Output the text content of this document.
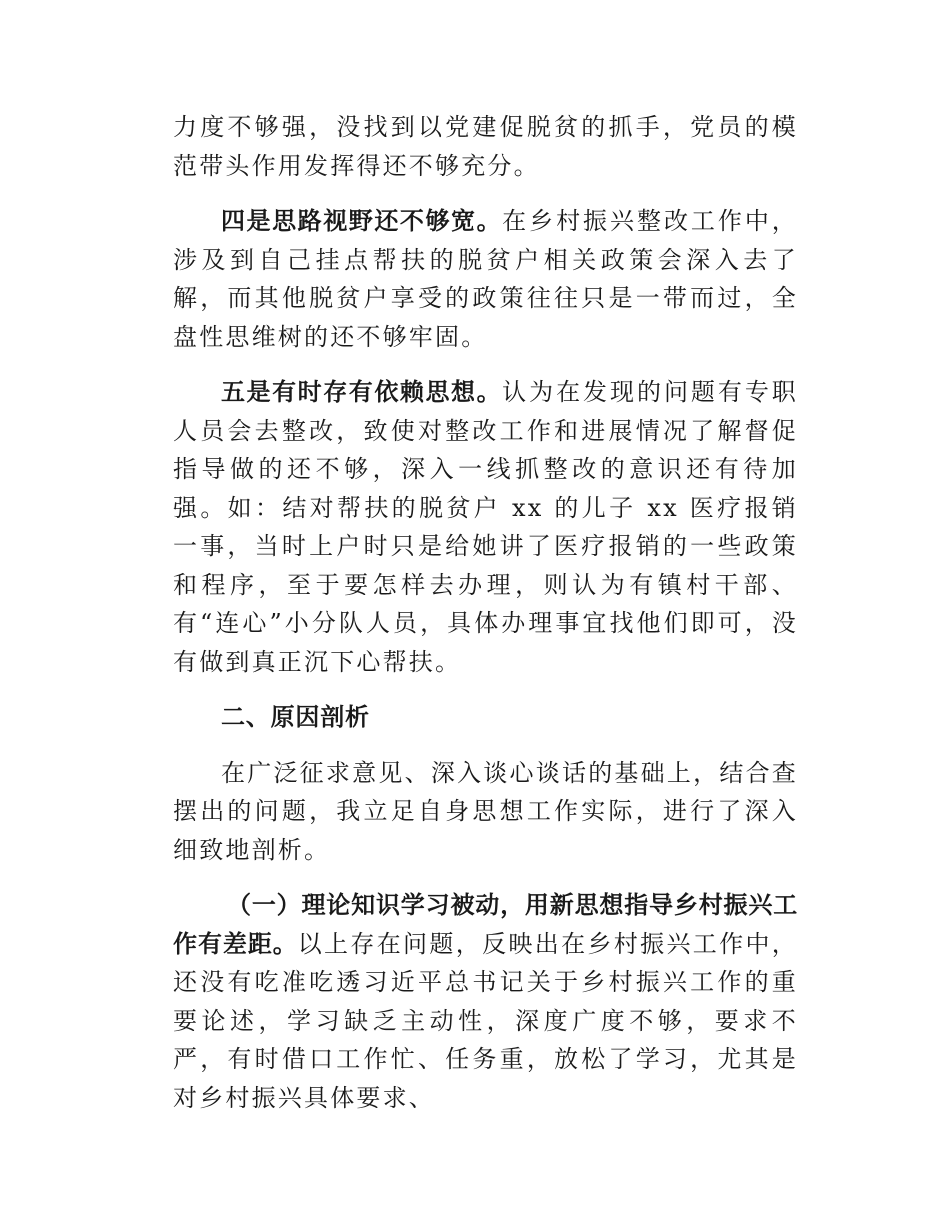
力度不够强，没找到以党建促脱贫的抓手，党员的模范带头作用发挥得还不够充分。

四是思路视野还不够宽。在乡村振兴整改工作中，涉及到自己挂点帮扶的脱贫户相关政策会深入去了解，而其他脱贫户享受的政策往往只是一带而过，全盘性思维树的还不够牢固。

五是有时存有依赖思想。认为在发现的问题有专职人员会去整改，致使对整改工作和进展情况了解督促指导做的还不够，深入一线抓整改的意识还有待加强。如：结对帮扶的脱贫户 xx 的儿子 xx 医疗报销一事，当时上户时只是给她讲了医疗报销的一些政策和程序，至于要怎样去办理，则认为有镇村干部、有“连心”小分队人员，具体办理事宜找他们即可，没有做到真正沉下心帮扶。

二、原因剖析

在广泛征求意见、深入谈心谈话的基础上，结合查摆出的问题，我立足自身思想工作实际，进行了深入细致地剖析。

（一）理论知识学习被动，用新思想指导乡村振兴工作有差距。以上存在问题，反映出在乡村振兴工作中，还没有吃准吃透习近平总书记关于乡村振兴工作的重要论述，学习缺乏主动性，深度广度不够，要求不严，有时借口工作忙、任务重，放松了学习，尤其是对乡村振兴具体要求、
